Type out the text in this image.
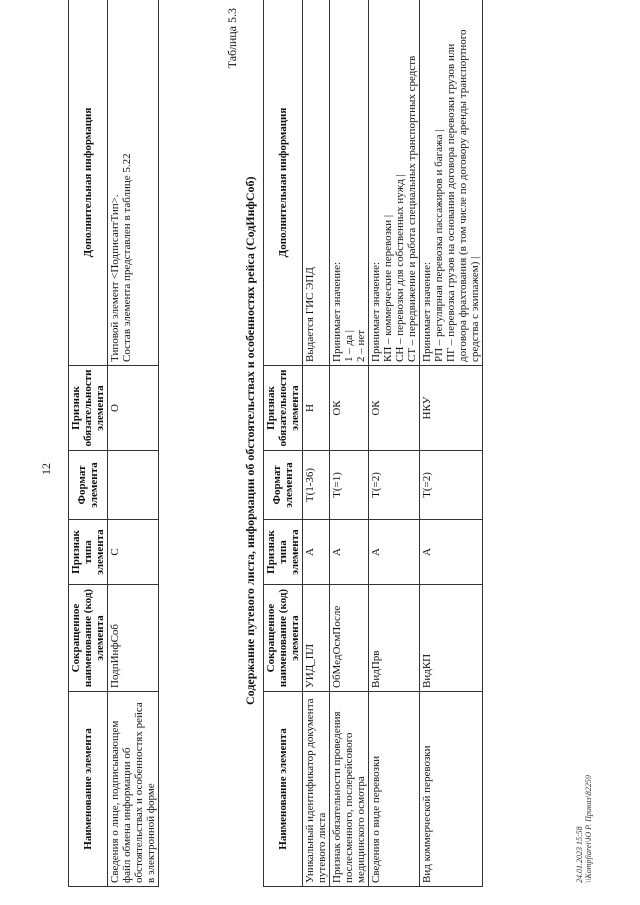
12
Наименование элемента	Сокращенное наименование (код) элемента	Признак типа элемента	Формат элемента	Признак обязательности элемента	Дополнительная информация
Сведения о лице, подписывающем файл обмена информации об обстоятельствах и особенностях рейса в электронной форме	ПодпИнфСоб	С		О	Типовой элемент <ПодписантТип>.
Состав элемента представлен в таблице 5.22
Таблица 5.3
Содержание путевого листа, информации об обстоятельствах и особенностях рейса (СодИнфСоб)
Наименование элемента	Сокращенное наименование (код) элемента	Признак типа элемента	Формат элемента	Признак обязательности элемента	Дополнительная информация
Уникальный идентификатор документа путевого листа	УИД_ПЛ	А	T(1-36)	Н	Выдается ГИС ЭПД
Признак обязательности проведения послесменного, послерейсового медицинского осмотра	ОбМедОсмПосле	А	T(=1)	ОК	Принимает значение:
1 – да |
2 – нет
Сведения о виде перевозки	ВидПрв	А	T(=2)	ОК	Принимает значение:
КП – коммерческие перевозки |
СН – перевозки для собственных нужд |
СТ – передвижение и работа специальных транспортных средств
Вид коммерческой перевозки	ВидКП	А	T(=2)	НКУ	Принимает значение:
РП – регулярная перевозка пассажиров и багажа |
ПГ – перевозка грузов на основании договора перевозки грузов или договора фрахтования (в том числе по договору аренды транспортного средства с экипажем) |
24.01.2023 15:58 \\Kompfiarei\Ю Р. Приказ\82259
